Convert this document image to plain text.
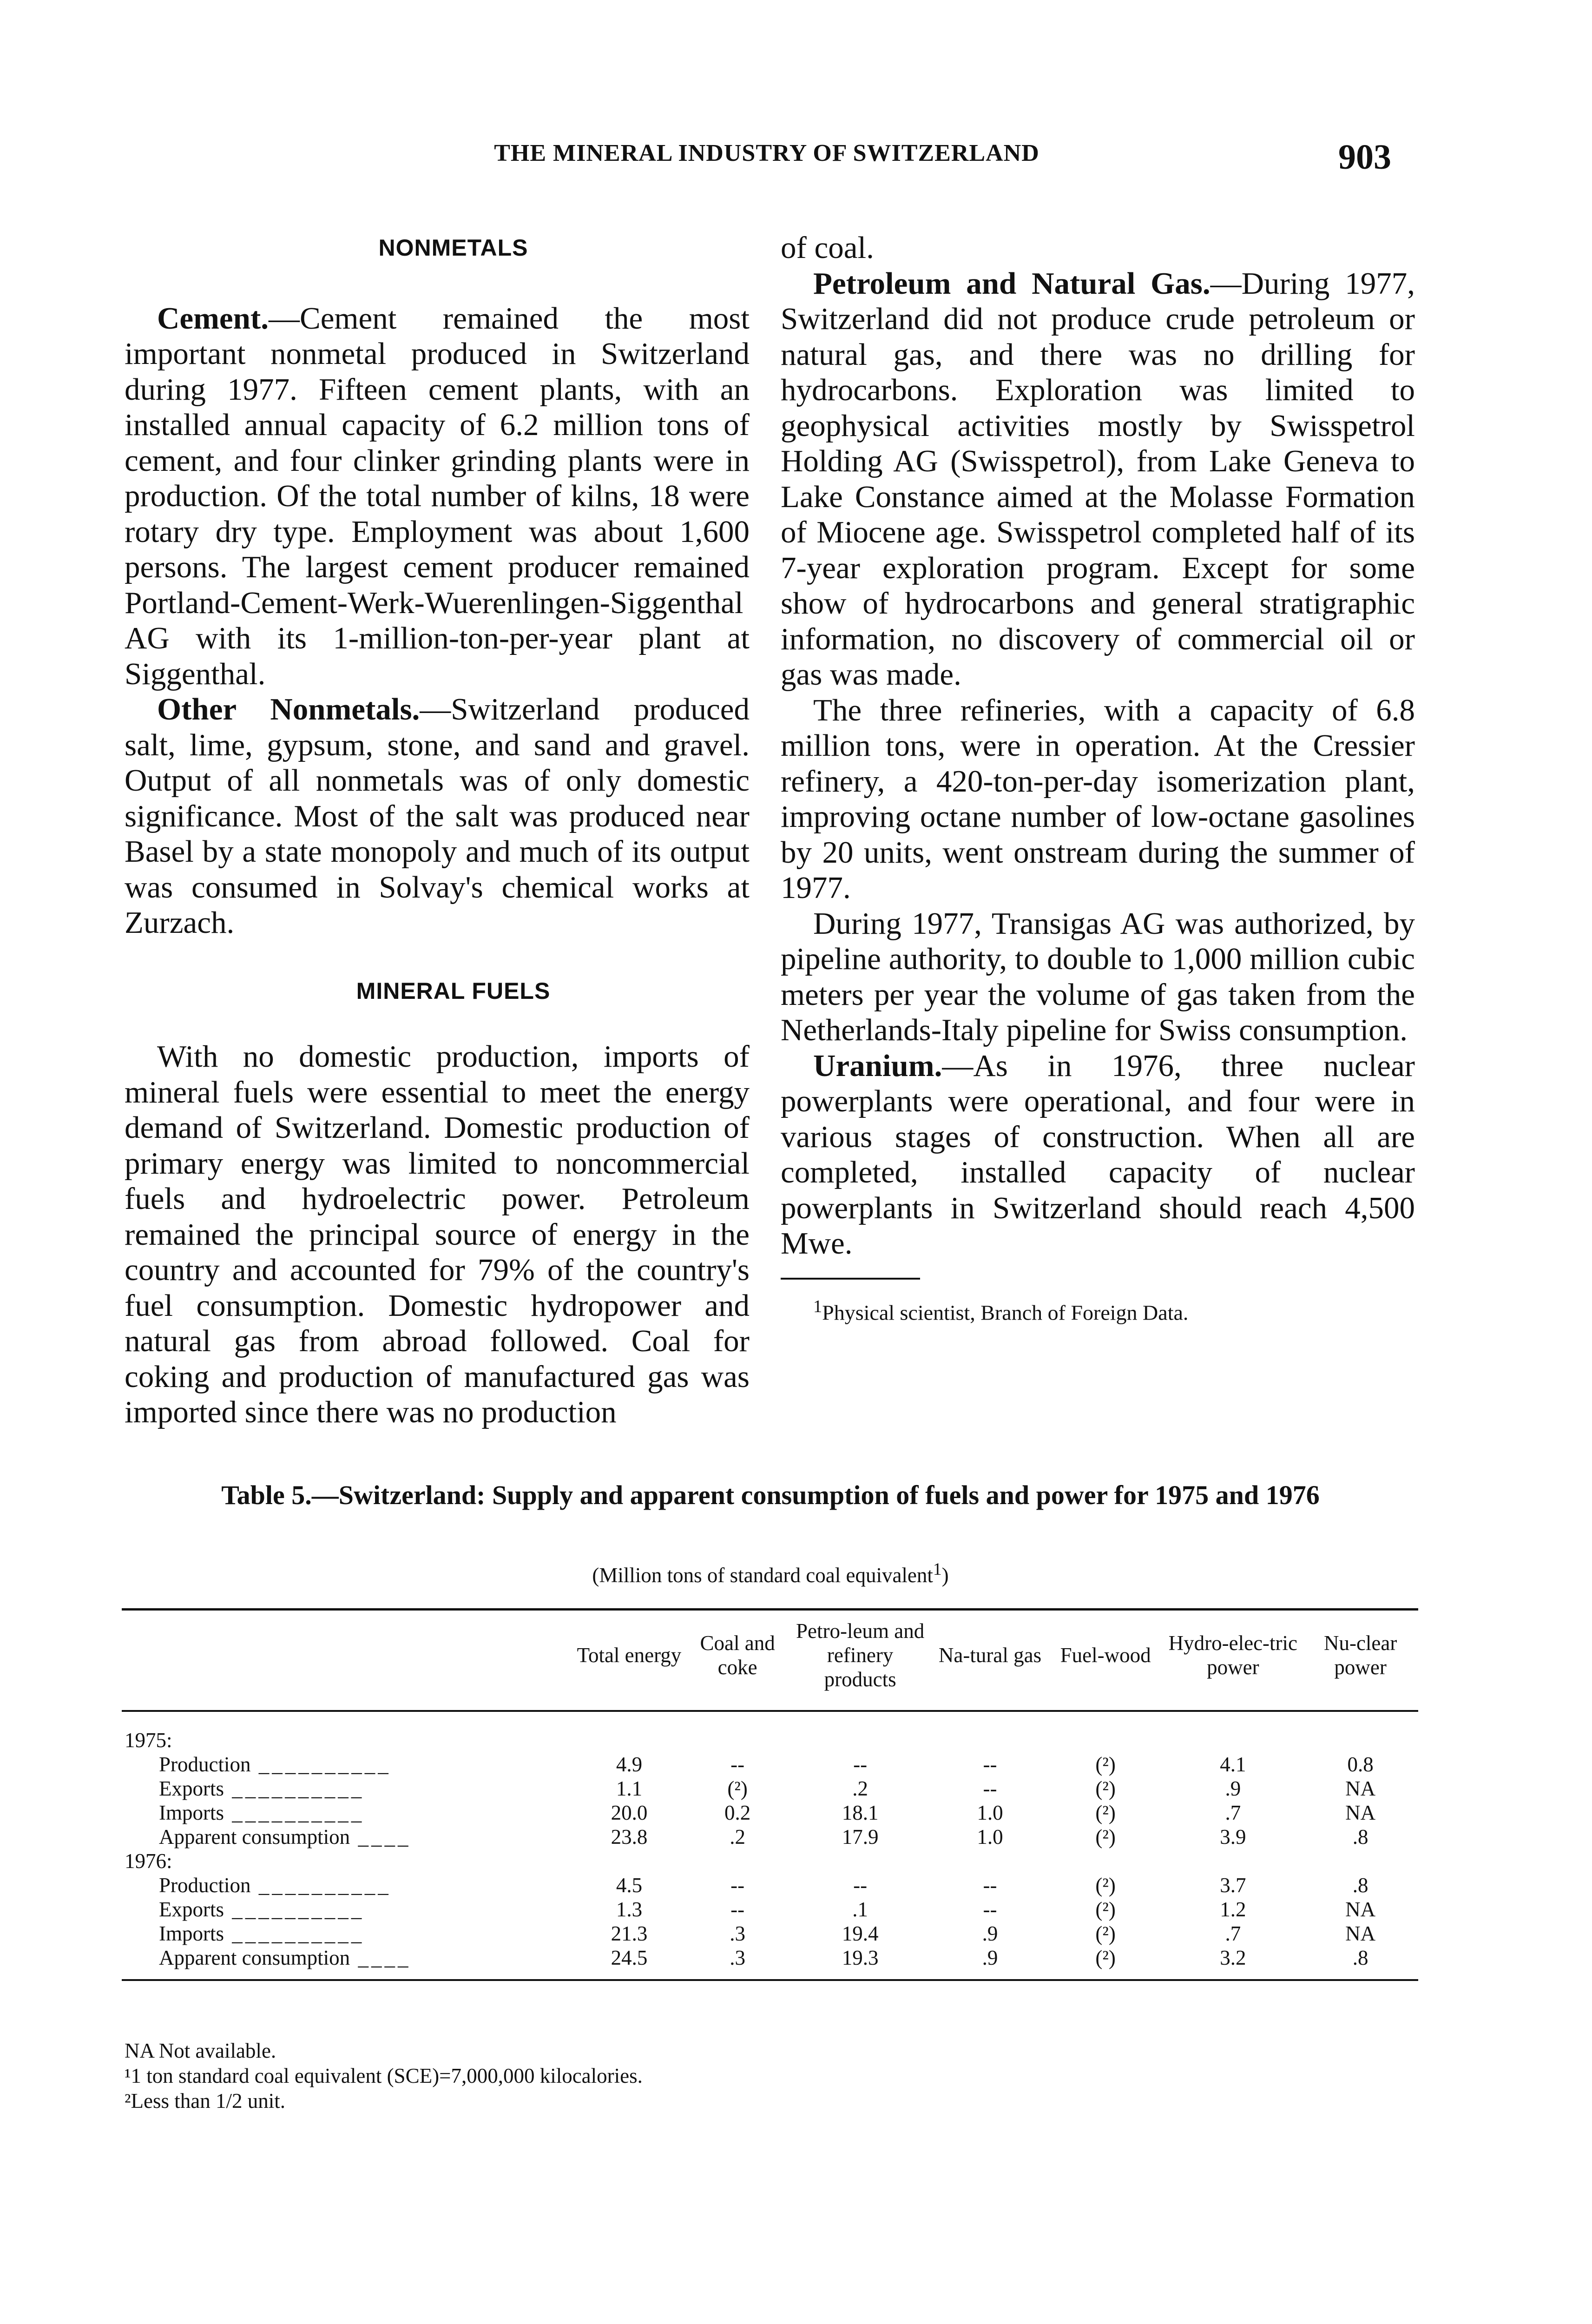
THE MINERAL INDUSTRY OF SWITZERLAND	903

NONMETALS

Cement.—Cement remained the most important nonmetal produced in Switzerland during 1977. Fifteen cement plants, with an installed annual capacity of 6.2 million tons of cement, and four clinker grinding plants were in production. Of the total number of kilns, 18 were rotary dry type. Employment was about 1,600 persons. The largest cement producer remained Portland-Cement-Werk-Wuerenlingen-Siggenthal AG with its 1-million-ton-per-year plant at Siggenthal.

Other Nonmetals.—Switzerland produced salt, lime, gypsum, stone, and sand and gravel. Output of all nonmetals was of only domestic significance. Most of the salt was produced near Basel by a state monopoly and much of its output was consumed in Solvay's chemical works at Zurzach.

MINERAL FUELS

With no domestic production, imports of mineral fuels were essential to meet the energy demand of Switzerland. Domestic production of primary energy was limited to noncommercial fuels and hydroelectric power. Petroleum remained the principal source of energy in the country and accounted for 79% of the country's fuel consumption. Domestic hydropower and natural gas from abroad followed. Coal for coking and production of manufactured gas was imported since there was no production

of coal.

Petroleum and Natural Gas.—During 1977, Switzerland did not produce crude petroleum or natural gas, and there was no drilling for hydrocarbons. Exploration was limited to geophysical activities mostly by Swisspetrol Holding AG (Swisspetrol), from Lake Geneva to Lake Constance aimed at the Molasse Formation of Miocene age. Swisspetrol completed half of its 7-year exploration program. Except for some show of hydrocarbons and general stratigraphic information, no discovery of commercial oil or gas was made.

The three refineries, with a capacity of 6.8 million tons, were in operation. At the Cressier refinery, a 420-ton-per-day isomerization plant, improving octane number of low-octane gasolines by 20 units, went onstream during the summer of 1977.

During 1977, Transigas AG was authorized, by pipeline authority, to double to 1,000 million cubic meters per year the volume of gas taken from the Netherlands-Italy pipeline for Swiss consumption.

Uranium.—As in 1976, three nuclear powerplants were operational, and four were in various stages of construction. When all are completed, installed capacity of nuclear powerplants in Switzerland should reach 4,500 Mwe.

$^1$Physical scientist, Branch of Foreign Data.

Table 5.—Switzerland: Supply and apparent consumption of fuels and power for 1975 and 1976
(Million tons of standard coal equivalent$^1$)
	Total energy	Coal and coke	Petro-leum and refinery products	Na-tural gas	Fuel-wood	Hydro-elec-tric power	Nu-clear power
1975:							
Production __________	4.9	--	--	--	(²)	4.1	0.8
Exports __________	1.1	(²)	.2	--	(²)	.9	NA
Imports __________	20.0	0.2	18.1	1.0	(²)	.7	NA
Apparent consumption ____	23.8	.2	17.9	1.0	(²)	3.9	.8
1976:							
Production __________	4.5	--	--	--	(²)	3.7	.8
Exports __________	1.3	--	.1	--	(²)	1.2	NA
Imports __________	21.3	.3	19.4	.9	(²)	.7	NA
Apparent consumption ____	24.5	.3	19.3	.9	(²)	3.2	.8
NA Not available.
¹1 ton standard coal equivalent (SCE)=7,000,000 kilocalories.
²Less than 1/2 unit.
